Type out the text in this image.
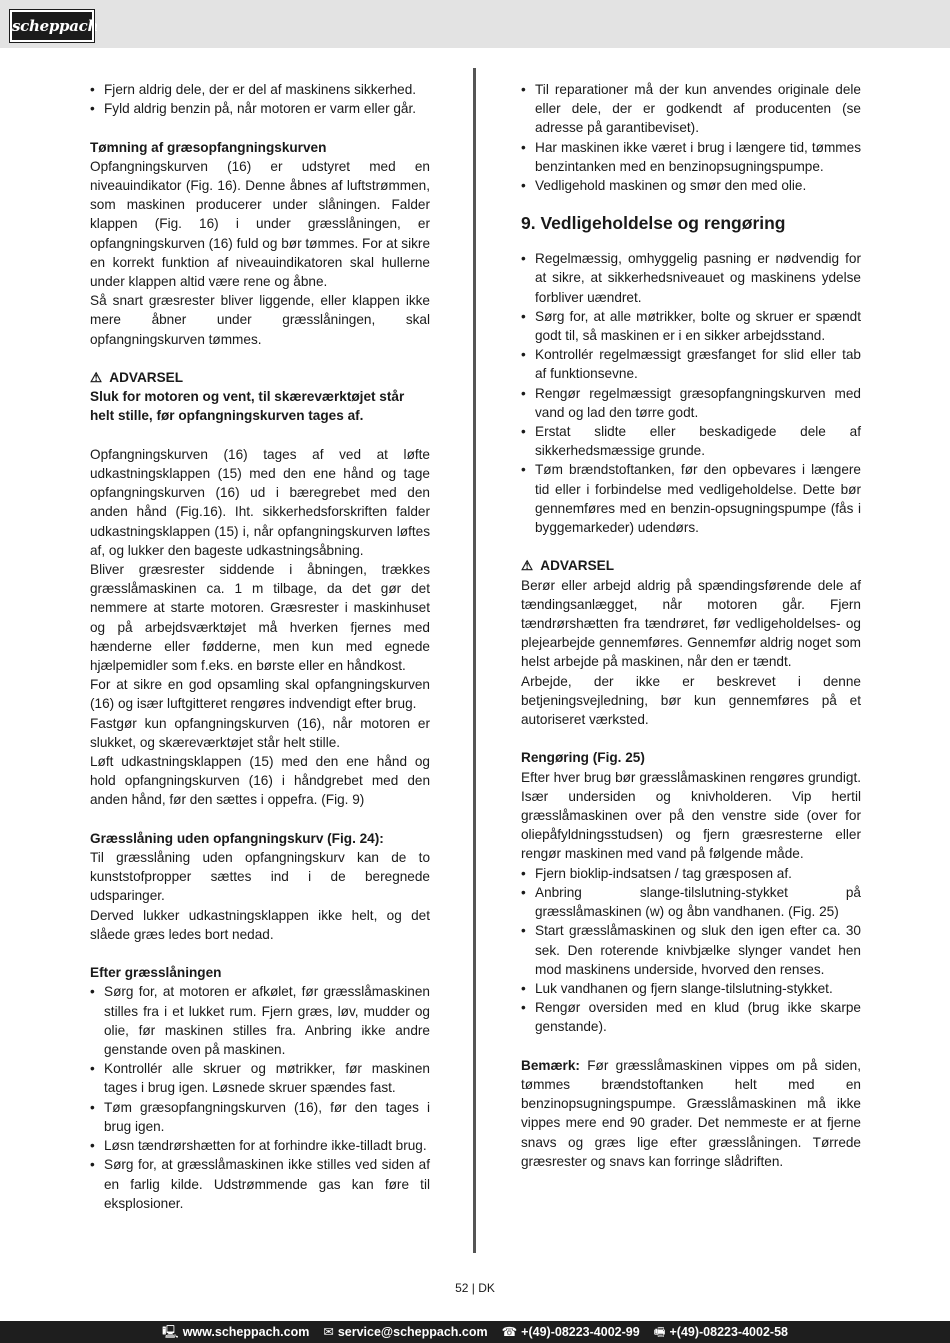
scheppach
• Fjern aldrig dele, der er del af maskinens sikkerhed.
• Fyld aldrig benzin på, når motoren er varm eller går.

Tømning af græsopfangningskurven

Opfangningskurven (16) er udstyret med en niveauindikator (Fig. 16). Denne åbnes af luftstrømmen, som maskinen producerer under slåningen. Falder klappen (Fig. 16) i under græsslåningen, er opfangningskurven (16) fuld og bør tømmes. For at sikre en korrekt funktion af niveauindikatoren skal hullerne under klappen altid være rene og åbne.

Så snart græsrester bliver liggende, eller klappen ikke mere åbner under græsslåningen, skal opfangningskurven tømmes.

⚠ ADVARSEL

Sluk for motoren og vent, til skæreværktøjet står helt stille, før opfangningskurven tages af.

Opfangningskurven (16) tages af ved at løfte udkastningsklappen (15) med den ene hånd og tage opfangningskurven (16) ud i bæregrebet med den anden hånd (Fig.16). Iht. sikkerhedsforskriften falder udkastningsklappen (15) i, når opfangningskurven løftes af, og lukker den bageste udkastningsåbning.

Bliver græsrester siddende i åbningen, trækkes græsslåmaskinen ca. 1 m tilbage, da det gør det nemmere at starte motoren. Græsrester i maskinhuset og på arbejdsværktøjet må hverken fjernes med hænderne eller fødderne, men kun med egnede hjælpemidler som f.eks. en børste eller en håndkost.

For at sikre en god opsamling skal opfangningskurven (16) og især luftgitteret rengøres indvendigt efter brug.

Fastgør kun opfangningskurven (16), når motoren er slukket, og skæreværktøjet står helt stille.

Løft udkastningsklappen (15) med den ene hånd og hold opfangningskurven (16) i håndgrebet med den anden hånd, før den sættes i oppefra. (Fig. 9)

Græsslåning uden opfangningskurv (Fig. 24):

Til græsslåning uden opfangningskurv kan de to kunststofpropper sættes ind i de beregnede udsparinger.

Derved lukker udkastningsklappen ikke helt, og det slåede græs ledes bort nedad.

Efter græsslåningen

• Sørg for, at motoren er afkølet, før græsslåmaskinen stilles fra i et lukket rum. Fjern græs, løv, mudder og olie, før maskinen stilles fra. Anbring ikke andre genstande oven på maskinen.
• Kontrollér alle skruer og møtrikker, før maskinen tages i brug igen. Løsnede skruer spændes fast.
• Tøm græsopfangningskurven (16), før den tages i brug igen.
• Løsn tændrørshætten for at forhindre ikke-tilladt brug.
• Sørg for, at græsslåmaskinen ikke stilles ved siden af en farlig kilde. Udstrømmende gas kan føre til eksplosioner.
• Til reparationer må der kun anvendes originale dele eller dele, der er godkendt af producenten (se adresse på garantibeviset).
• Har maskinen ikke været i brug i længere tid, tømmes benzintanken med en benzinopsugningspumpe.
• Vedligehold maskinen og smør den med olie.
9. Vedligeholdelse og rengøring
• Regelmæssig, omhyggelig pasning er nødvendig for at sikre, at sikkerhedsniveauet og maskinens ydelse forbliver uændret.
• Sørg for, at alle møtrikker, bolte og skruer er spændt godt til, så maskinen er i en sikker arbejdsstand.
• Kontrollér regelmæssigt græsfanget for slid eller tab af funktionsevne.
• Rengør regelmæssigt græsopfangningskurven med vand og lad den tørre godt.
• Erstat slidte eller beskadigede dele af sikkerhedsmæssige grunde.
• Tøm brændstoftanken, før den opbevares i længere tid eller i forbindelse med vedligeholdelse. Dette bør gennemføres med en benzin-opsugningspumpe (fås i byggemarkeder) udendørs.

⚠ ADVARSEL

Berør eller arbejd aldrig på spændingsførende dele af tændingsanlægget, når motoren går. Fjern tændrørshætten fra tændrøret, før vedligeholdelses- og plejearbejde gennemføres. Gennemfør aldrig noget som helst arbejde på maskinen, når den er tændt.

Arbejde, der ikke er beskrevet i denne betjeningsvejledning, bør kun gennemføres på et autoriseret værksted.

Rengøring (Fig. 25)

Efter hver brug bør græsslåmaskinen rengøres grundigt. Især undersiden og knivholderen. Vip hertil græsslåmaskinen over på den venstre side (over for oliepåfyldningsstudsen) og fjern græsresterne eller rengør maskinen med vand på følgende måde.

• Fjern bioklip-indsatsen / tag græsposen af.
• Anbring slange-tilslutning-stykket på græsslåmaskinen (w) og åbn vandhanen. (Fig. 25)
• Start græsslåmaskinen og sluk den igen efter ca. 30 sek. Den roterende knivbjælke slynger vandet hen mod maskinens underside, hvorved den renses.
• Luk vandhanen og fjern slange-tilslutning-stykket.
• Rengør oversiden med en klud (brug ikke skarpe genstande).

Bemærk: Før græsslåmaskinen vippes om på siden, tømmes brændstoftanken helt med en benzinopsugningspumpe. Græsslåmaskinen må ikke vippes mere end 90 grader. Det nemmeste er at fjerne snavs og græs lige efter græsslåningen. Tørrede græsrester og snavs kan forringe slådriften.

52 | DK
🖳 www.scheppach.com ✉ service@scheppach.com ☎ +(49)-08223-4002-99 🖷 +(49)-08223-4002-58
